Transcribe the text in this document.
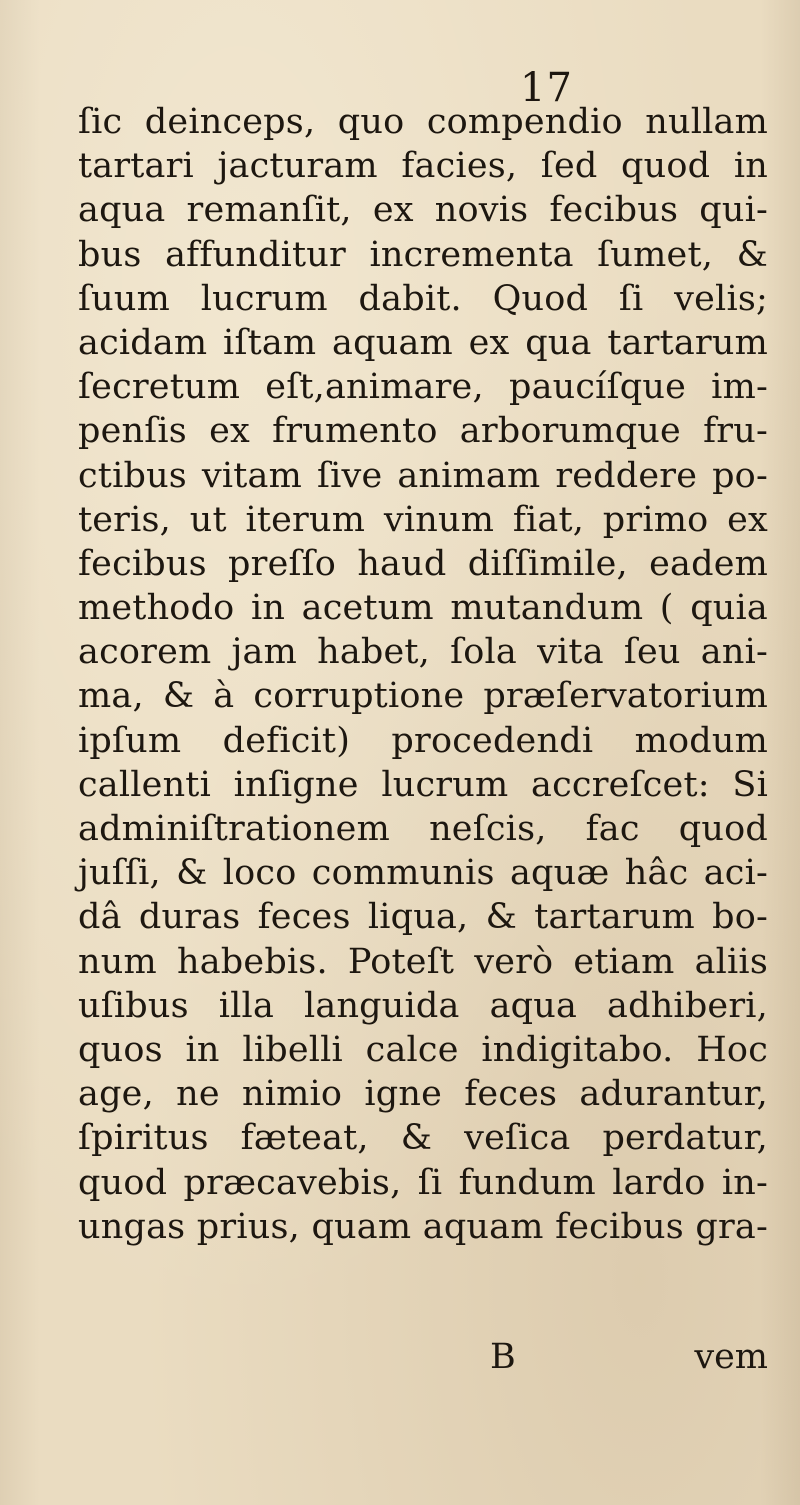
17
ſic deinceps, quo compendio nullam
tartari jacturam facies, ſed quod in
aqua remanſit, ex novis fecibus qui-
bus affunditur incrementa ſumet, &
ſuum lucrum dabit. Quod ſi velis;
acidam iſtam aquam ex qua tartarum
ſecretum eſt,animare, paucíſque im-
penſis ex frumento arborumque fru-
ctibus vitam ſive animam reddere po-
teris, ut iterum vinum fiat, primo ex
fecibus preſſo haud diſſimile, eadem
methodo in acetum mutandum ( quia
acorem jam habet, ſola vita ſeu ani-
ma, & à corruptione præſervatorium
ipſum deficit) procedendi modum
callenti inſigne lucrum accreſcet: Si
adminiſtrationem neſcis, fac quod
juſſi, & loco communis aquæ hâc aci-
dâ duras feces liqua, & tartarum bo-
num habebis. Poteſt verò etiam aliis
uſibus illa languida aqua adhiberi,
quos in libelli calce indigitabo. Hoc
age, ne nimio igne feces adurantur,
ſpiritus fæteat, & veſica perdatur,
quod præcavebis, ſi fundum lardo in-
ungas prius, quam aquam fecibus gra-
B	vem
